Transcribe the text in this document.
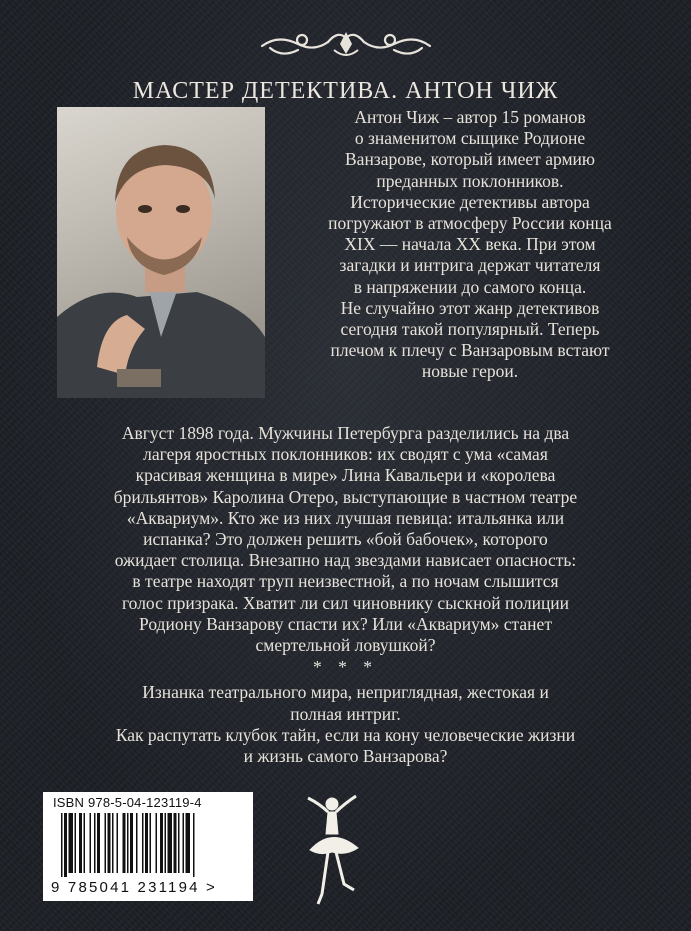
МАСТЕР ДЕТЕКТИВА. АНТОН ЧИЖ

Антон Чиж – автор 15 романов
о знаменитом сыщике Родионе
Ванзарове, который имеет армию
преданных поклонников.
Исторические детективы автора
погружают в атмосферу России конца
XIX — начала XX века. При этом
загадки и интрига держат читателя
в напряжении до самого конца.
Не случайно этот жанр детективов
сегодня такой популярный. Теперь
плечом к плечу с Ванзаровым встают
новые герои.

Август 1898 года. Мужчины Петербурга разделились на два
лагеря яростных поклонников: их сводят с ума «самая
красивая женщина в мире» Лина Кавальери и «королева
брильянтов» Каролина Отеро, выступающие в частном театре
«Аквариум». Кто же из них лучшая певица: итальянка или
испанка? Это должен решить «бой бабочек», которого
ожидает столица. Внезапно над звездами нависает опасность:
в театре находят труп неизвестной, а по ночам слышится
голос призрака. Хватит ли сил чиновнику сыскной полиции
Родиону Ванзарову спасти их? Или «Аквариум» станет
смертельной ловушкой?

* * *

Изнанка театрального мира, неприглядная, жестокая и
полная интриг.

Как распутать клубок тайн, если на кону человеческие жизни
и жизнь самого Ванзарова?

ISBN 978-5-04-123119-4
9 785041 231194 >
